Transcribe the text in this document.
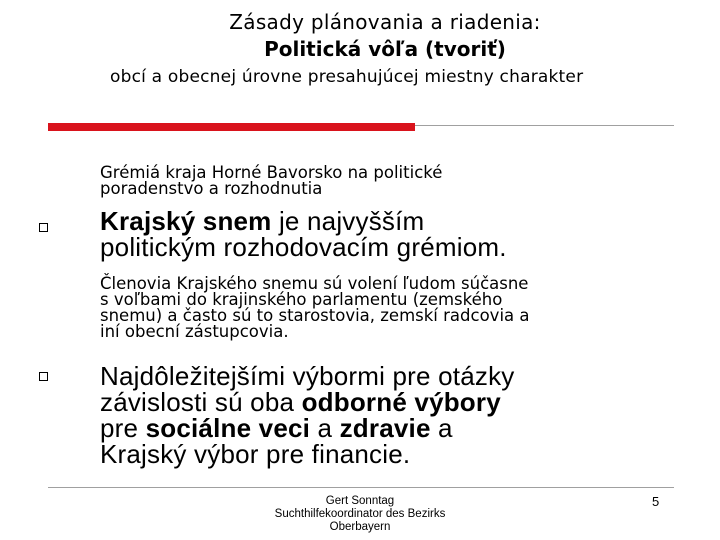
Zásady plánovania a riadenia:
Politická vôľa (tvoriť)
obcí a obecnej úrovne presahujúcej miestny charakter
Grémiá kraja Horné Bavorsko na politické
poradenstvo a rozhodnutia
Krajský snem je najvyšším
politickým rozhodovacím grémiom.
Členovia Krajského snemu sú volení ľudom súčasne
s voľbami do krajinského parlamentu (zemského
snemu) a často sú to starostovia, zemskí radcovia a
iní obecní zástupcovia.
Najdôležitejšími výbormi pre otázky
závislosti sú oba odborné výbory
pre sociálne veci a zdravie a
Krajský výbor pre financie.
Gert Sonntag
Suchthilfekoordinator des Bezirks
Oberbayern
5
